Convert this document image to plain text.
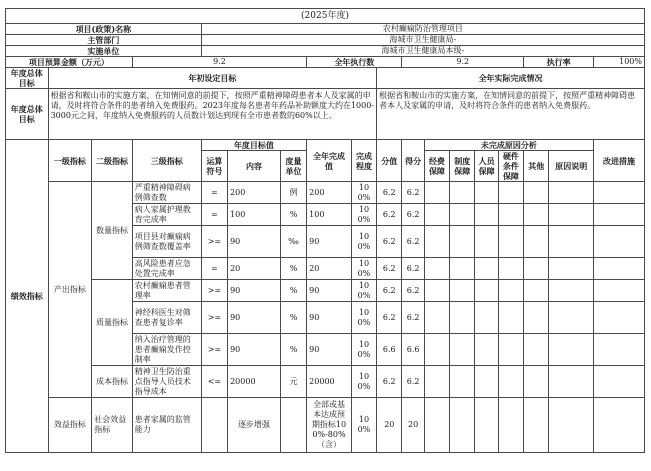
(2025年度)																	
项目(政策)名称				农村癫痫防治管理项目													
主管部门				海城市卫生健康局-													
实施单位				海城市卫生健康局本级-													
项目预算金额（万元）			9.2				全年执行数			9.2					执行率		100%
年度总体目标	年初设定目标								全年实际完成情况								
年度总体目标	根据省和鞍山市的实施方案，在知情同意的前提下，按照严重精神障碍患者本人及家属的申请，及时将符合条件的患者纳入免费服药。2023年度每名患者年药品补助额度大约在1000-3000元之间，年度纳入免费服药的人员数计划达到现有全市患者数的60%以上。								根据省和鞍山市的实施方案，在知情同意的前提下，按照严重精神障碍患者本人及家属的申请，及时将符合条件的患者纳入免费服药。								
绩效指标	一级指标	二级指标	三级指标	年度目标值			全年完成值	完成程度	分值	得分	未完成原因分析						改进措施
				运算符号	内容	度量单位					经费保障	制度保障	人员保障	硬件条件保障	其他	原因说明	

	产出指标	数量指标	严重精神障碍病例筛查数	=	200	例	200	100%	6.2	6.2							
			病人家属护理教育完成率	=	100	%	100	100%	6.2	6.2							
			项目县对癫痫病例筛查数覆盖率	>=	90	‰	90	100%	6.2	6.2							
			高风险患者应急处置完成率	=	20	%	20	100%	6.2	6.2							
		质量指标	农村癫痫患者管理率	>=	90	%	90	100%	6.2	6.2							
			神经科医生对筛查患者复诊率	>=	90	%	90	100%	6.2	6.2							
			纳入治疗管理的患者癫痫发作控制率	>=	90	%	90	100%	6.6	6.6							
		成本指标	精神卫生防治重点指导人员技术指导成本	<=	20000	元	20000	100%	6.2	6.2							
	效益指标	社会效益指标	患者家属的监管能力		逐步增强		全部或基本达成预期指标100%-80%（含）	100%	20	20							
